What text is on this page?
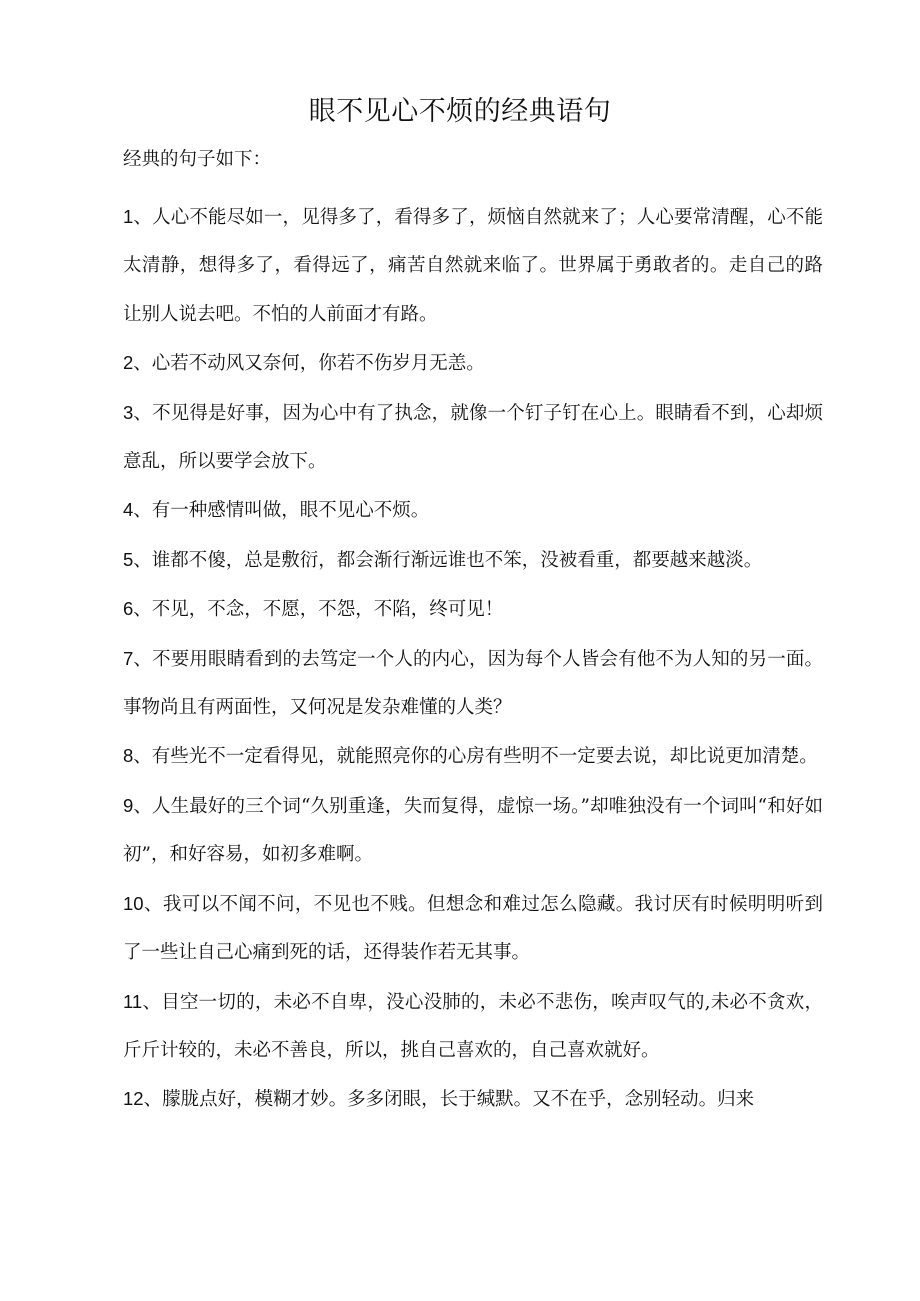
眼不见心不烦的经典语句

经典的句子如下：

1、人心不能尽如一，见得多了，看得多了，烦恼自然就来了；人心要常清醒，心不能太清静，想得多了，看得远了，痛苦自然就来临了。世界属于勇敢者的。走自己的路让别人说去吧。不怕的人前面才有路。

2、心若不动风又奈何，你若不伤岁月无恙。

3、不见得是好事，因为心中有了执念，就像一个钉子钉在心上。眼睛看不到，心却烦意乱，所以要学会放下。

4、有一种感情叫做，眼不见心不烦。

5、谁都不傻，总是敷衍，都会渐行渐远谁也不笨，没被看重，都要越来越淡。

6、不见，不念，不愿，不怨，不陷，终可见！

7、不要用眼睛看到的去笃定一个人的内心，因为每个人皆会有他不为人知的另一面。事物尚且有两面性，又何况是发杂难懂的人类？

8、有些光不一定看得见，就能照亮你的心房有些明不一定要去说，却比说更加清楚。

9、人生最好的三个词“久别重逢，失而复得，虚惊一场。”却唯独没有一个词叫“和好如初”，和好容易，如初多难啊。

10、我可以不闻不问，不见也不贱。但想念和难过怎么隐藏。我讨厌有时候明明听到了一些让自己心痛到死的话，还得装作若无其事。

11、目空一切的，未必不自卑，没心没肺的，未必不悲伤，唉声叹气的,未必不贪欢，斤斤计较的，未必不善良，所以，挑自己喜欢的，自己喜欢就好。

12、朦胧点好，模糊才妙。多多闭眼，长于缄默。又不在乎，念别轻动。归来
